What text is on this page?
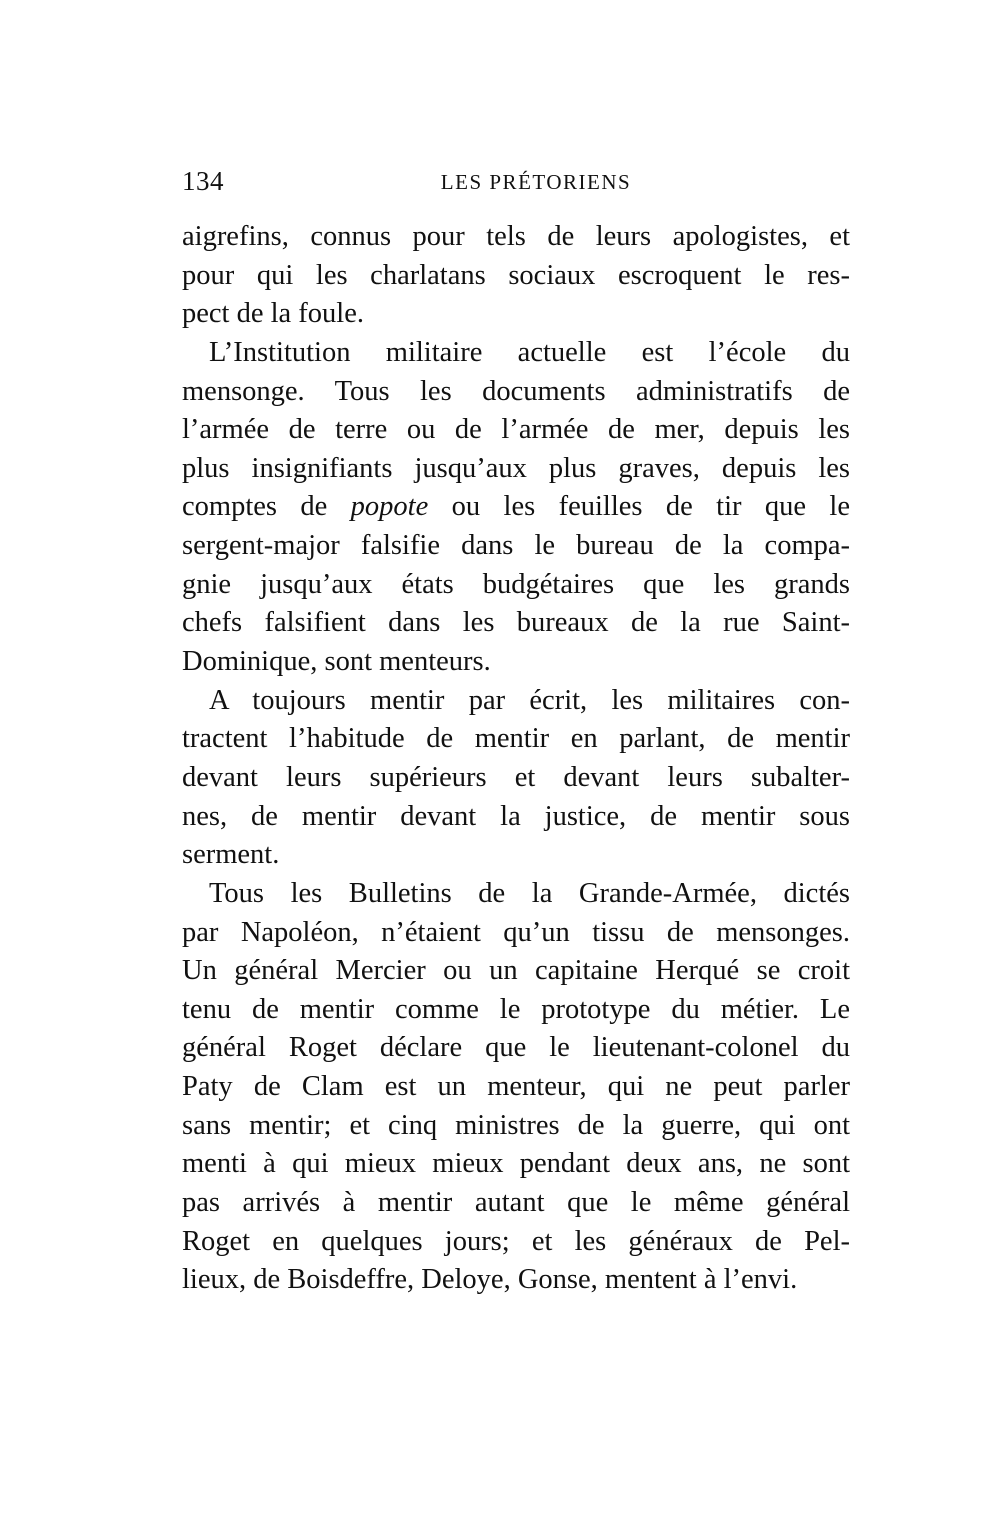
134	LES PRÉTORIENS
aigrefins, connus pour tels de leurs apologistes, et
pour qui les charlatans sociaux escroquent le res-
pect de la foule.
L’Institution militaire actuelle est l’école du
mensonge. Tous les documents administratifs de
l’armée de terre ou de l’armée de mer, depuis les
plus insignifiants jusqu’aux plus graves, depuis les
comptes de popote ou les feuilles de tir que le
sergent-major falsifie dans le bureau de la compa-
gnie jusqu’aux états budgétaires que les grands
chefs falsifient dans les bureaux de la rue Saint-
Dominique, sont menteurs.
A toujours mentir par écrit, les militaires con-
tractent l’habitude de mentir en parlant, de mentir
devant leurs supérieurs et devant leurs subalter-
nes, de mentir devant la justice, de mentir sous
serment.
Tous les Bulletins de la Grande-Armée, dictés
par Napoléon, n’étaient qu’un tissu de mensonges.
Un général Mercier ou un capitaine Herqué se croit
tenu de mentir comme le prototype du métier. Le
général Roget déclare que le lieutenant-colonel du
Paty de Clam est un menteur, qui ne peut parler
sans mentir; et cinq ministres de la guerre, qui ont
menti à qui mieux mieux pendant deux ans, ne sont
pas arrivés à mentir autant que le même général
Roget en quelques jours; et les généraux de Pel-
lieux, de Boisdeffre, Deloye, Gonse, mentent à l’envi.
